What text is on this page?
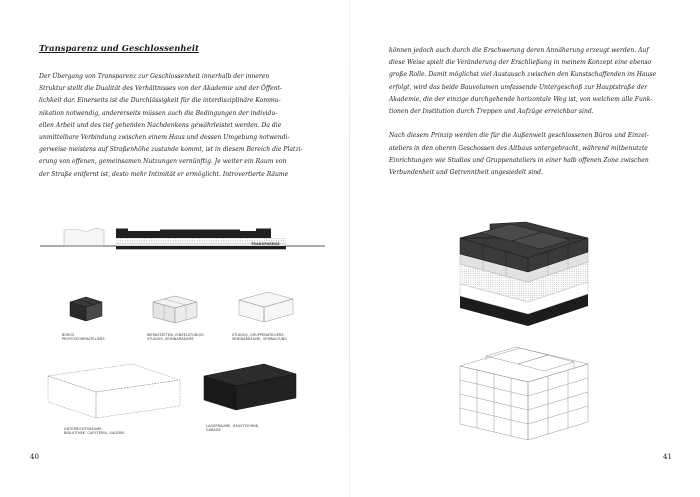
Transparenz und Geschlossenheit
Der Übergang von Transparenz zur Geschlossenheit innerhalb der inneren
Struktur stellt die Dualität des Verhältnisses von der Akademie und der Öffent-
lichkeit dar. Einerseits ist die Durchlässigkeit für die interdisziplinäre Kommu-
nikation notwendig, andererseits müssen auch die Bedingungen der individu-
ellen Arbeit und des tief gehenden Nachdenkens gewährleistet werden. Da die
unmittelbare Verbindung zwischen einem Haus und dessen Umgebung notwendi-
gerweise meistens auf Straßenhöhe zustande kommt, ist in diesem Bereich die Platzi-
erung von offenen, gemeinsamen Nutzungen vernünftig. Je weiter ein Raum von
der Straße entfernt ist, desto mehr Intimität er ermöglicht. Introvertierte Räume
TRANSPARENZ
BÜROS
PROFESSORENATELIERS
WERKSTÄTTEN, EINZELSTUDIOS,
STUDIOS, SEMINARRÄUME
STUDIOS, GRUPPENATELIERS,
SEMINARRÄUME, VERWALTUNG
UNTERRICHTSRÄUME,
BIBLIOTHEK, CAFETERIA, GALERIE
LAGERRÄUME, HAUSTECHNIK,
GARAGE
40

können jedoch auch durch die Erschwerung deren Annäherung erzeugt werden. Auf
diese Weise spielt die Veränderung der Erschließung in meinem Konzept eine ebenso
große Rolle. Damit möglichst viel Austausch zwischen den Kunstschaffenden im Hause
erfolgt, wird das beide Bauvolumen umfassende Untergeschoß zur Hauptstraße der
Akademie, die der einzige durchgehende horizontale Weg ist, von welchem alle Funk-
tionen der Institution durch Treppen und Aufzüge erreichbar sind.

Nach diesem Prinzip werden die für die Außenwelt geschlossenen Büros und Einzel-
ateliers in den oberen Geschossen des Altbaus untergebracht, während mitbenutzte
Einrichtungen wie Studios und Gruppenateliers in einer halb offenen Zone zwischen
Verbundenheit und Getrenntheit angesiedelt sind.

41
